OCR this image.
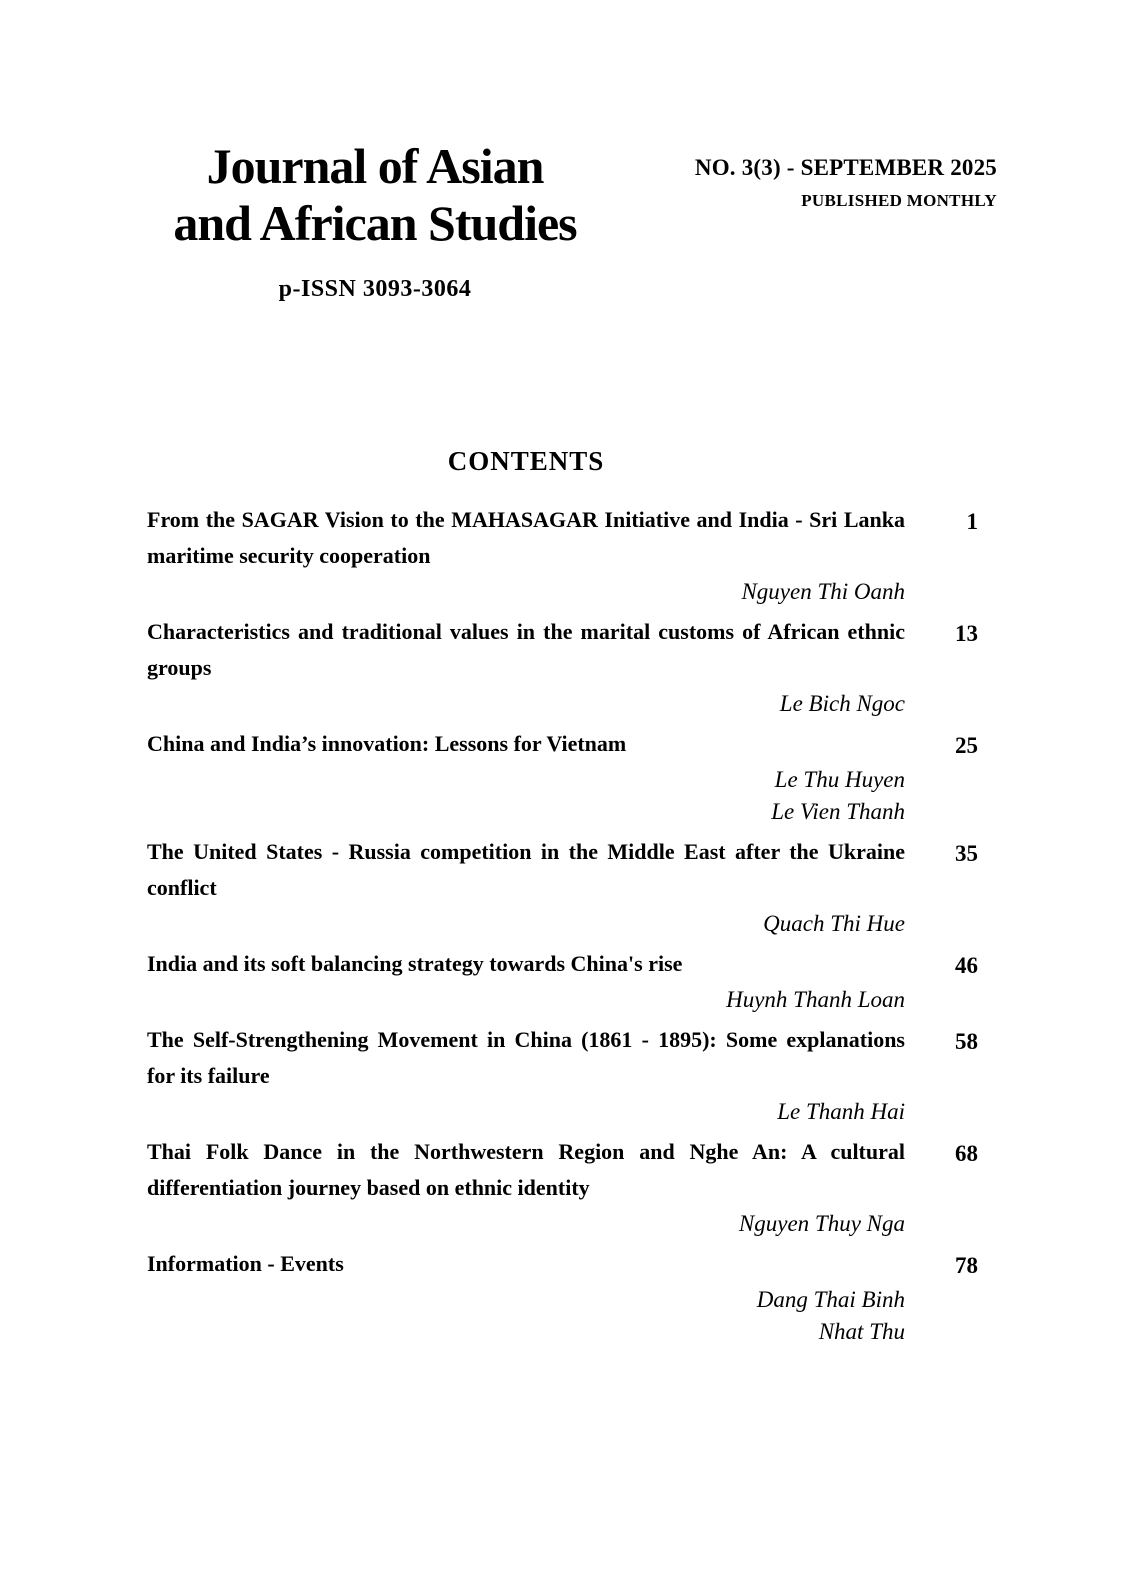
Journal of Asian
and African Studies
p-ISSN 3093-3064
NO. 3(3) - SEPTEMBER 2025
PUBLISHED MONTHLY
CONTENTS
From the SAGAR Vision to the MAHASAGAR Initiative and India - Sri Lanka maritime security cooperation
Nguyen Thi Oanh
1
Characteristics and traditional values in the marital customs of African ethnic groups
Le Bich Ngoc
13
China and India’s innovation: Lessons for Vietnam
Le Thu Huyen
Le Vien Thanh
25
The United States - Russia competition in the Middle East after the Ukraine conflict
Quach Thi Hue
35
India and its soft balancing strategy towards China's rise
Huynh Thanh Loan
46
The Self-Strengthening Movement in China (1861 - 1895): Some explanations for its failure
Le Thanh Hai
58
Thai Folk Dance in the Northwestern Region and Nghe An: A cultural differentiation journey based on ethnic identity
Nguyen Thuy Nga
68
Information - Events
Dang Thai Binh
Nhat Thu
78
